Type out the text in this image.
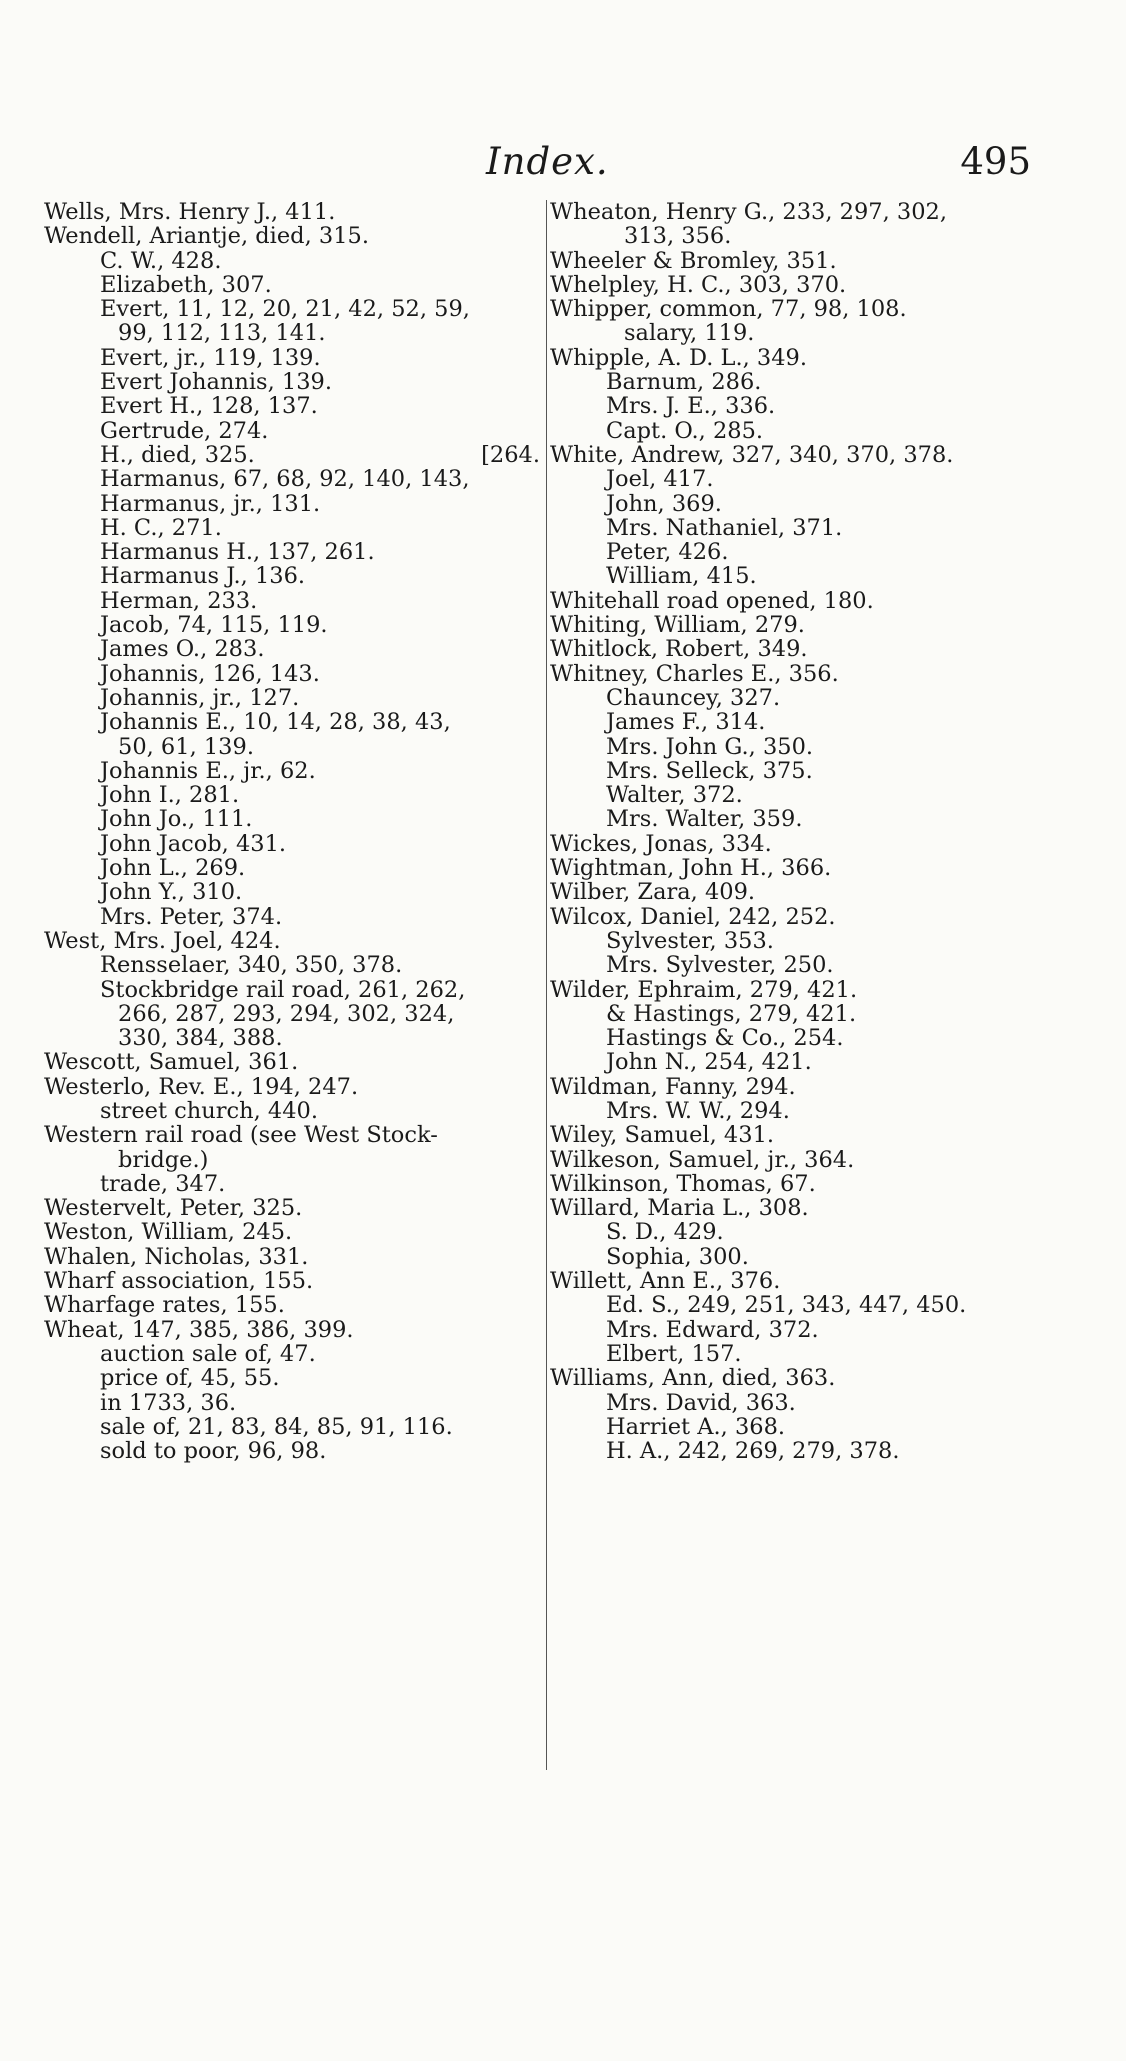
Index.	495
Wells, Mrs. Henry J., 411.
Wendell, Ariantje, died, 315.
C. W., 428.
Elizabeth, 307.
Evert, 11, 12, 20, 21, 42, 52, 59,
99, 112, 113, 141.
Evert, jr., 119, 139.
Evert Johannis, 139.
Evert H., 128, 137.
Gertrude, 274.
H., died, 325.	[264.
Harmanus, 67, 68, 92, 140, 143,
Harmanus, jr., 131.
H. C., 271.
Harmanus H., 137, 261.
Harmanus J., 136.
Herman, 233.
Jacob, 74, 115, 119.
James O., 283.
Johannis, 126, 143.
Johannis, jr., 127.
Johannis E., 10, 14, 28, 38, 43,
50, 61, 139.
Johannis E., jr., 62.
John I., 281.
John Jo., 111.
John Jacob, 431.
John L., 269.
John Y., 310.
Mrs. Peter, 374.
West, Mrs. Joel, 424.
Rensselaer, 340, 350, 378.
Stockbridge rail road, 261, 262,
266, 287, 293, 294, 302, 324,
330, 384, 388.
Wescott, Samuel, 361.
Westerlo, Rev. E., 194, 247.
street church, 440.
Western rail road (see West Stock-
bridge.)
trade, 347.
Westervelt, Peter, 325.
Weston, William, 245.
Whalen, Nicholas, 331.
Wharf association, 155.
Wharfage rates, 155.
Wheat, 147, 385, 386, 399.
auction sale of, 47.
price of, 45, 55.
in 1733, 36.
sale of, 21, 83, 84, 85, 91, 116.
sold to poor, 96, 98.
Wheaton, Henry G., 233, 297, 302,
313, 356.
Wheeler & Bromley, 351.
Whelpley, H. C., 303, 370.
Whipper, common, 77, 98, 108.
salary, 119.
Whipple, A. D. L., 349.
Barnum, 286.
Mrs. J. E., 336.
Capt. O., 285.
White, Andrew, 327, 340, 370, 378.
Joel, 417.
John, 369.
Mrs. Nathaniel, 371.
Peter, 426.
William, 415.
Whitehall road opened, 180.
Whiting, William, 279.
Whitlock, Robert, 349.
Whitney, Charles E., 356.
Chauncey, 327.
James F., 314.
Mrs. John G., 350.
Mrs. Selleck, 375.
Walter, 372.
Mrs. Walter, 359.
Wickes, Jonas, 334.
Wightman, John H., 366.
Wilber, Zara, 409.
Wilcox, Daniel, 242, 252.
Sylvester, 353.
Mrs. Sylvester, 250.
Wilder, Ephraim, 279, 421.
& Hastings, 279, 421.
Hastings & Co., 254.
John N., 254, 421.
Wildman, Fanny, 294.
Mrs. W. W., 294.
Wiley, Samuel, 431.
Wilkeson, Samuel, jr., 364.
Wilkinson, Thomas, 67.
Willard, Maria L., 308.
S. D., 429.
Sophia, 300.
Willett, Ann E., 376.
Ed. S., 249, 251, 343, 447, 450.
Mrs. Edward, 372.
Elbert, 157.
Williams, Ann, died, 363.
Mrs. David, 363.
Harriet A., 368.
H. A., 242, 269, 279, 378.
